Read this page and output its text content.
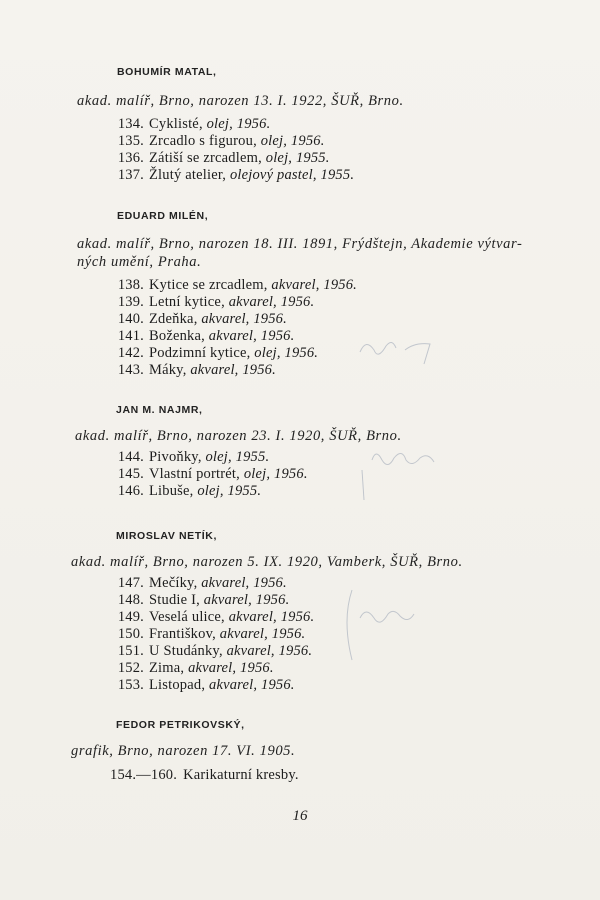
BOHUMÍR MATAL,
akad. malíř, Brno, narozen 13. I. 1922, ŠUŘ, Brno.
134. Cyklisté, olej, 1956.
135. Zrcadlo s figurou, olej, 1956.
136. Zátiší se zrcadlem, olej, 1955.
137. Žlutý atelier, olejový pastel, 1955.
EDUARD MILÉN,
akad. malíř, Brno, narozen 18. III. 1891, Frýdštejn, Akademie výtvar-
ných umění, Praha.
138. Kytice se zrcadlem, akvarel, 1956.
139. Letní kytice, akvarel, 1956.
140. Zdeňka, akvarel, 1956.
141. Boženka, akvarel, 1956.
142. Podzimní kytice, olej, 1956.
143. Máky, akvarel, 1956.
JAN M. NAJMR,
akad. malíř, Brno, narozen 23. I. 1920, ŠUŘ, Brno.
144. Pivoňky, olej, 1955.
145. Vlastní portrét, olej, 1956.
146. Libuše, olej, 1955.
MIROSLAV NETÍK,
akad. malíř, Brno, narozen 5. IX. 1920, Vamberk, ŠUŘ, Brno.
147. Mečíky, akvarel, 1956.
148. Studie I, akvarel, 1956.
149. Veselá ulice, akvarel, 1956.
150. Františkov, akvarel, 1956.
151. U Studánky, akvarel, 1956.
152. Zima, akvarel, 1956.
153. Listopad, akvarel, 1956.
FEDOR PETRIKOVSKÝ,
grafik, Brno, narozen 17. VI. 1905.
154.—160. Karikaturní kresby.
16
